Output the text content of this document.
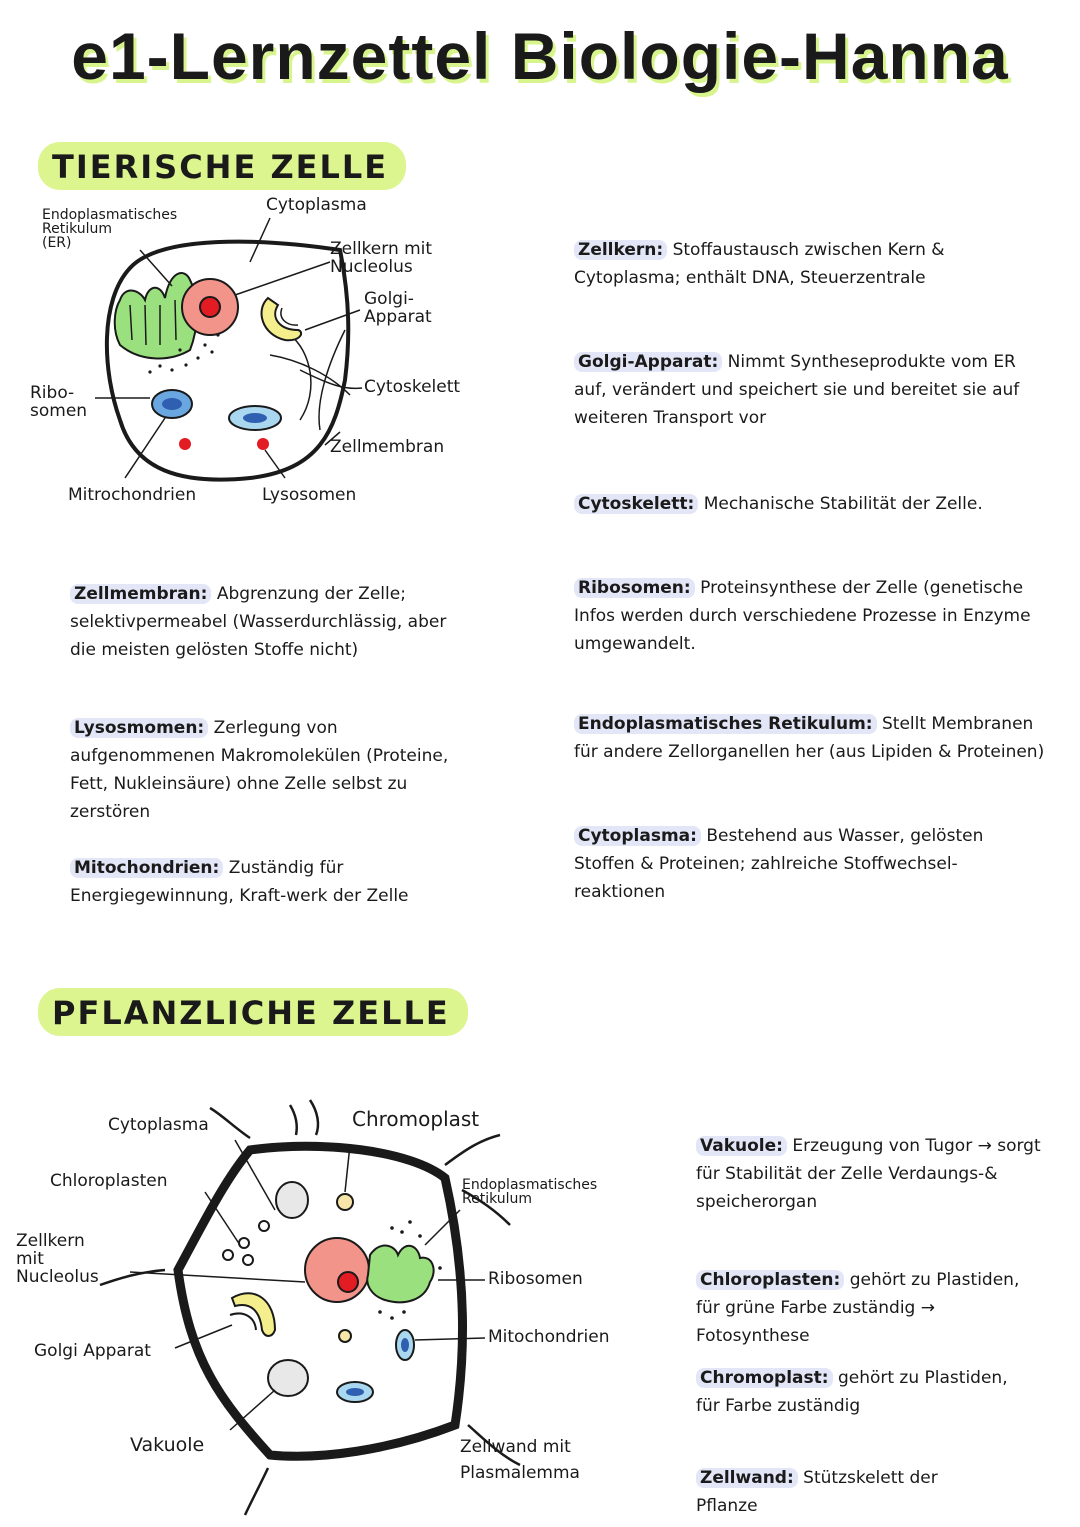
e1-Lernzettel Biologie-Hanna
TIERISCHE ZELLE
PFLANZLICHE ZELLE
Endoplasmatisches
Retikulum
(ER)
Cytoplasma
Zellkern mit
Nucleolus
Golgi-
Apparat
Ribo-
somen
Cytoskelett
Zellmembran
Mitrochondrien	Lysosomen
Zellmembran: Abgrenzung der Zelle; selektivpermeabel (Wasserdurchlässig, aber die meisten gelösten Stoffe nicht)
Lysosmomen: Zerlegung von aufgenommenen Makromolekülen (Proteine, Fett, Nukleinsäure) ohne Zelle selbst zu zerstören
Mitochondrien: Zuständig für Energiegewinnung, Kraft-werk der Zelle
Zellkern: Stoffaustausch zwischen Kern & Cytoplasma; enthält DNA, Steuerzentrale
Golgi-Apparat: Nimmt Syntheseprodukte vom ER auf, verändert und speichert sie und bereitet sie auf weiteren Transport vor
Cytoskelett: Mechanische Stabilität der Zelle.
Ribosomen: Proteinsynthese der Zelle (genetische Infos werden durch verschiedene Prozesse in Enzyme umgewandelt.
Endoplasmatisches Retikulum: Stellt Membranen für andere Zellorganellen her (aus Lipiden & Proteinen)
Cytoplasma: Bestehend aus Wasser, gelösten Stoffen & Proteinen; zahlreiche Stoffwechsel-reaktionen
Cytoplasma	Chromoplast
Chloroplasten	Endoplasmatisches
Retikulum
Zellkern
mit
Nucleolus	Ribosomen
Golgi Apparat
Mitochondrien
Vakuole	Zellwand mit
Plasmalemma
Vakuole: Erzeugung von Tugor → sorgt für Stabilität der Zelle Verdaungs-& speicherorgan
Chloroplasten: gehört zu Plastiden, für grüne Farbe zuständig → Fotosynthese
Chromoplast: gehört zu Plastiden, für Farbe zuständig
Zellwand: Stützskelett der Pflanze
